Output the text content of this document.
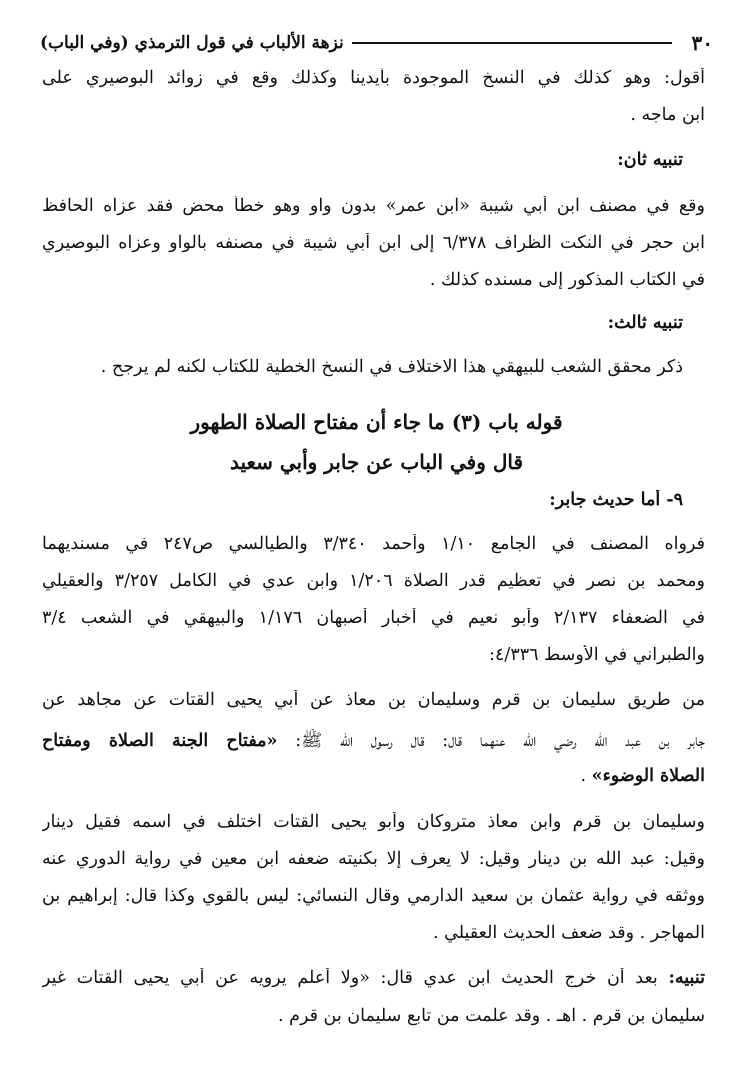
٣٠
نزهة الألباب في قول الترمذي (وفي الباب)
أقول: وهو كذلك في النسخ الموجودة بأيدينا وكذلك وقع في زوائد البوصيري على
ابن ماجه .
تنبيه ثان:
وقع في مصنف ابن أبي شيبة «ابن عمر» بدون واو وهو خطأ محض فقد عزاه الحافظ
ابن حجر في النكت الظراف ٦/٣٧٨ إلى ابن أبي شيبة في مصنفه بالواو وعزاه البوصيري
في الكتاب المذكور إلى مسنده كذلك .
تنبيه ثالث:
ذكر محقق الشعب للبيهقي هذا الاختلاف في النسخ الخطية للكتاب لكنه لم يرجح .
قوله باب (٣) ما جاء أن مفتاح الصلاة الطهور
قال وفي الباب عن جابر وأبي سعيد
٩- أما حديث جابر:
فرواه المصنف في الجامع ١/١٠ وأحمد ٣/٣٤٠ والطيالسي ص٢٤٧ في مسنديهما
ومحمد بن نصر في تعظيم قدر الصلاة ١/٢٠٦ وابن عدي في الكامل ٣/٢٥٧ والعقيلي
في الضعفاء ٢/١٣٧ وأبو نعيم في أخبار أصبهان ١/١٧٦ والبيهقي في الشعب ٣/٤
والطبراني في الأوسط ٤/٣٣٦:
من طريق سليمان بن قرم وسليمان بن معاذ عن أبي يحيى القتات عن مجاهد عن
جابر بن عبد الله رضي الله عنهما قال: قال رسول الله ﷺ: «مفتاح الجنة الصلاة ومفتاح
الصلاة الوضوء» .
وسليمان بن قرم وابن معاذ متروكان وأبو يحيى القتات اختلف في اسمه فقيل دينار
وقيل: عبد الله بن دينار وقيل: لا يعرف إلا بكنيته ضعفه ابن معين في رواية الدوري عنه
ووثقه في رواية عثمان بن سعيد الدارمي وقال النسائي: ليس بالقوي وكذا قال: إبراهيم بن
المهاجر . وقد ضعف الحديث العقيلي .
تنبيه: بعد أن خرج الحديث ابن عدي قال: «ولا أعلم يرويه عن أبي يحيى القتات غير
سليمان بن قرم . اهـ . وقد علمت من تابع سليمان بن قرم .
